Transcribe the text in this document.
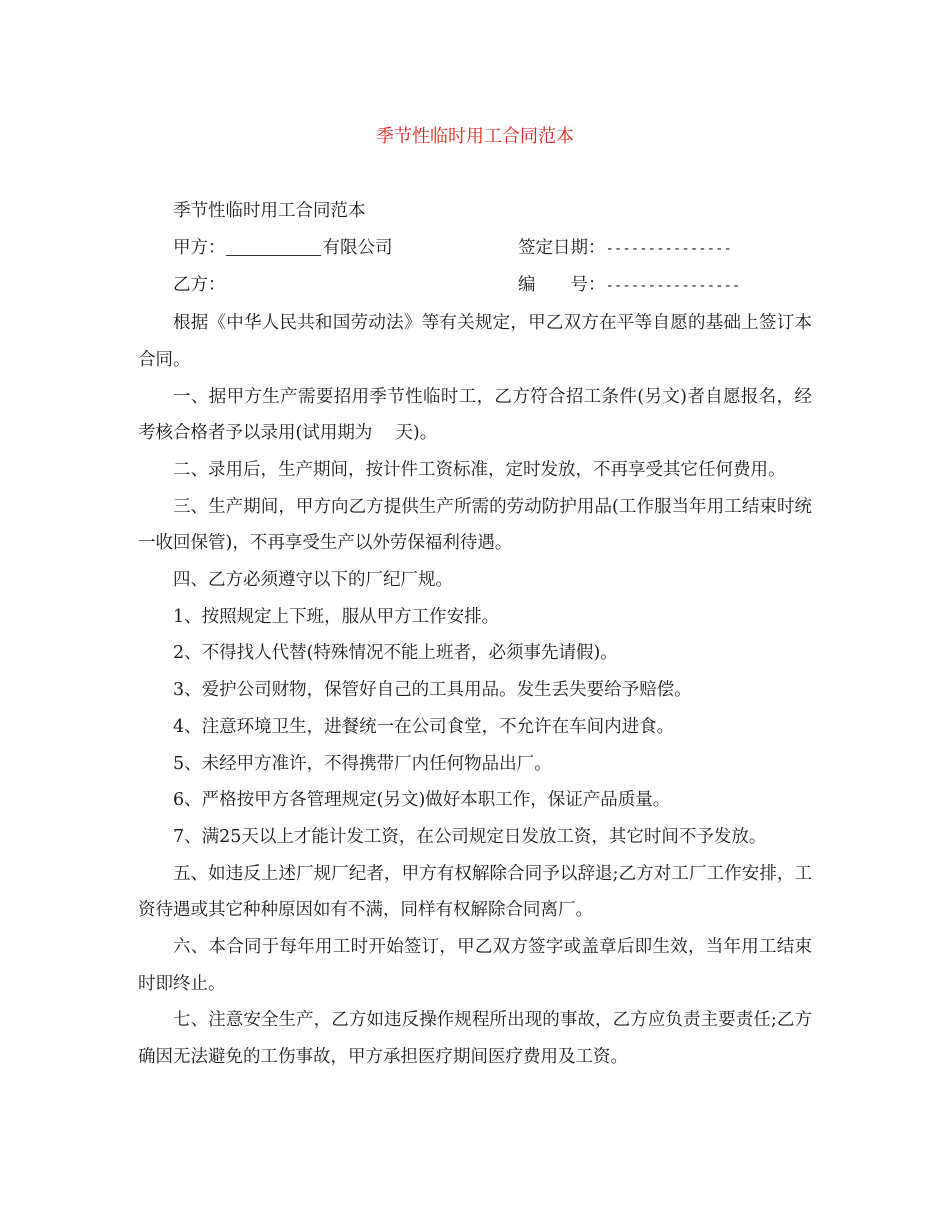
季节性临时用工合同范本

季节性临时用工合同范本

甲方：	有限公司	签定日期：---------------
乙方：	编　　号：----------------

根据《中华人民共和国劳动法》等有关规定，甲乙双方在平等自愿的基础上签订本合同。

一、据甲方生产需要招用季节性临时工，乙方符合招工条件(另文)者自愿报名，经考核合格者予以录用(试用期为　 天)。

二、录用后，生产期间，按计件工资标准，定时发放，不再享受其它任何费用。

三、生产期间，甲方向乙方提供生产所需的劳动防护用品(工作服当年用工结束时统一收回保管)，不再享受生产以外劳保福利待遇。

四、乙方必须遵守以下的厂纪厂规。

1、按照规定上下班，服从甲方工作安排。

2、不得找人代替(特殊情况不能上班者，必须事先请假)。

3、爱护公司财物，保管好自己的工具用品。发生丢失要给予赔偿。

4、注意环境卫生，进餐统一在公司食堂，不允许在车间内进食。

5、未经甲方准许，不得携带厂内任何物品出厂。

6、严格按甲方各管理规定(另文)做好本职工作，保证产品质量。

7、满25天以上才能计发工资，在公司规定日发放工资，其它时间不予发放。

五、如违反上述厂规厂纪者，甲方有权解除合同予以辞退;乙方对工厂工作安排，工资待遇或其它种种原因如有不满，同样有权解除合同离厂。

六、本合同于每年用工时开始签订，甲乙双方签字或盖章后即生效，当年用工结束时即终止。

七、注意安全生产，乙方如违反操作规程所出现的事故，乙方应负责主要责任;乙方确因无法避免的工伤事故，甲方承担医疗期间医疗费用及工资。
